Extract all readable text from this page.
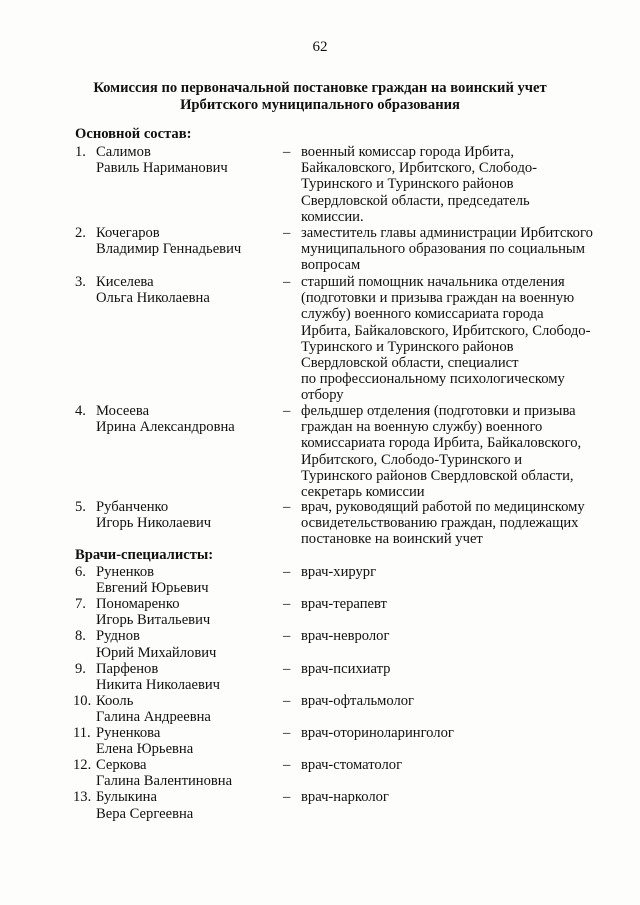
62
Комиссия по первоначальной постановке граждан на воинский учет
Ирбитского муниципального образования
Основной состав:
1. Салимов
Равиль Нариманович
– военный комиссар города Ирбита,
Байкаловского, Ирбитского, Слободо-
Туринского и Туринского районов
Свердловской области, председатель
комиссии.
2. Кочегаров
Владимир Геннадьевич
– заместитель главы администрации Ирбитского
муниципального образования по социальным
вопросам
3. Киселева
Ольга Николаевна
– старший помощник начальника отделения
(подготовки и призыва граждан на военную
службу) военного комиссариата города
Ирбита, Байкаловского, Ирбитского, Слободо-
Туринского и Туринского районов
Свердловской области, специалист
по профессиональному психологическому
отбору
4. Мосеева
Ирина Александровна
– фельдшер отделения (подготовки и призыва
граждан на военную службу) военного
комиссариата города Ирбита, Байкаловского,
Ирбитского, Слободо-Туринского и
Туринского районов Свердловской области,
секретарь комиссии
5. Рубанченко
Игорь Николаевич
– врач, руководящий работой по медицинскому
освидетельствованию граждан, подлежащих
постановке на воинский учет
Врачи-специалисты:
6. Руненков
Евгений Юрьевич
– врач-хирург
7. Пономаренко
Игорь Витальевич
– врач-терапевт
8. Руднов
Юрий Михайлович
– врач-невролог
9. Парфенов
Никита Николаевич
– врач-психиатр
10. Кооль
Галина Андреевна
– врач-офтальмолог
11. Руненкова
Елена Юрьевна
– врач-оториноларинголог
12. Серкова
Галина Валентиновна
– врач-стоматолог
13. Булыкина
Вера Сергеевна
– врач-нарколог
